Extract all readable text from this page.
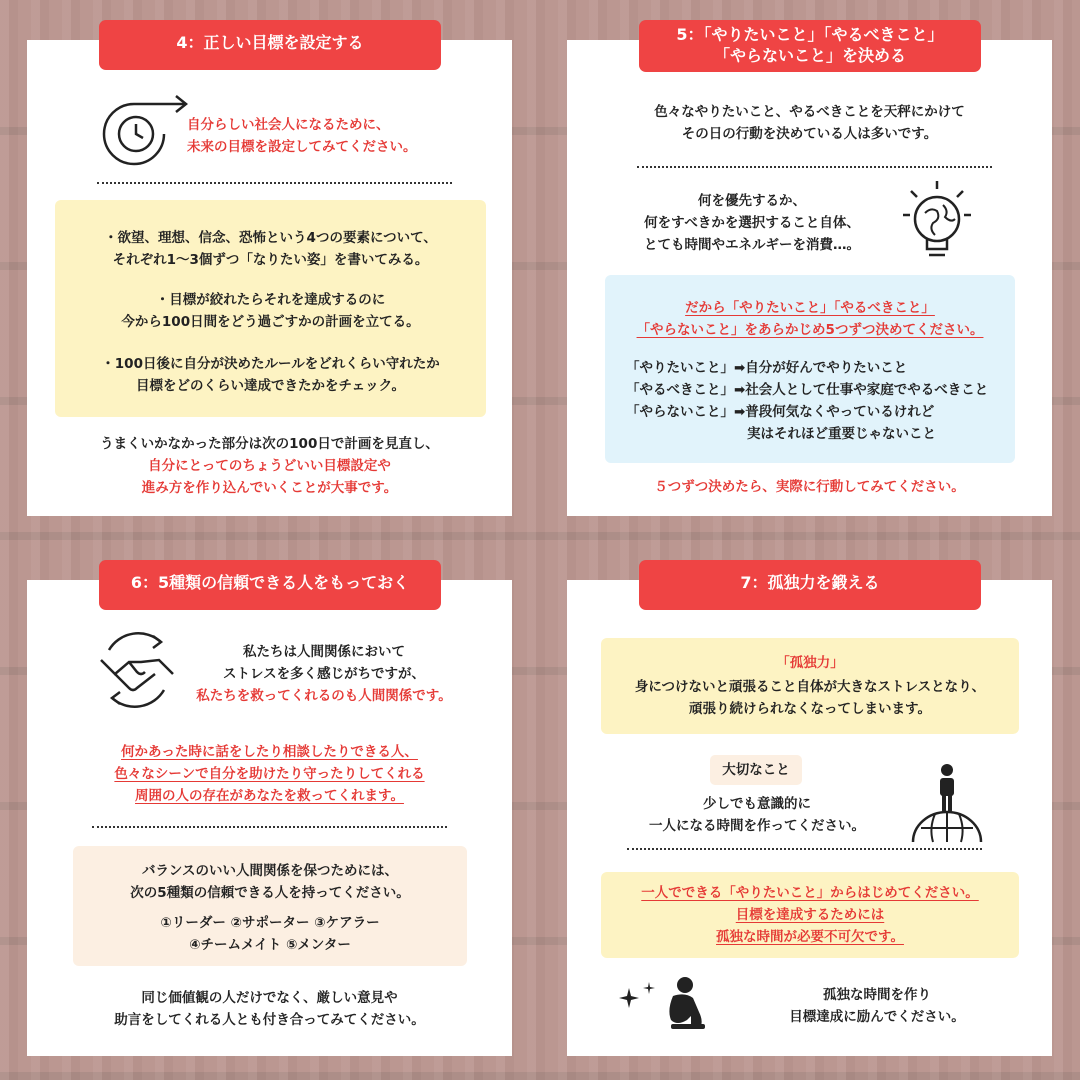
4：正しい目標を設定する
自分らしい社会人になるために、
未来の目標を設定してみてください。
・欲望、理想、信念、恐怖という4つの要素について、
それぞれ1〜3個ずつ「なりたい姿」を書いてみる。
・目標が絞れたらそれを達成するのに
今から100日間をどう過ごすかの計画を立てる。
・100日後に自分が決めたルールをどれくらい守れたか
目標をどのくらい達成できたかをチェック。
うまくいかなかった部分は次の100日で計画を見直し、
自分にとってのちょうどいい目標設定や
進み方を作り込んでいくことが大事です。
5：「やりたいこと」「やるべきこと」
「やらないこと」を決める
色々なやりたいこと、やるべきことを天秤にかけて
その日の行動を決めている人は多いです。
何を優先するか、
何をすべきかを選択すること自体、
とても時間やエネルギーを消費…。
だから「やりたいこと」「やるべきこと」
「やらないこと」をあらかじめ5つずつ決めてください。
「やりたいこと」➡自分が好んでやりたいこと
「やるべきこと」➡社会人として仕事や家庭でやるべきこと
「やらないこと」➡普段何気なくやっているけれど
実はそれほど重要じゃないこと
５つずつ決めたら、実際に行動してみてください。
6：5種類の信頼できる人をもっておく
私たちは人間関係において
ストレスを多く感じがちですが、
私たちを救ってくれるのも人間関係です。
何かあった時に話をしたり相談したりできる人、
色々なシーンで自分を助けたり守ったりしてくれる
周囲の人の存在があなたを救ってくれます。
バランスのいい人間関係を保つためには、
次の5種類の信頼できる人を持ってください。
①リーダー ②サポーター ③ケアラー
④チームメイト ⑤メンター
同じ価値観の人だけでなく、厳しい意見や
助言をしてくれる人とも付き合ってみてください。
7：孤独力を鍛える
「孤独力」
身につけないと頑張ること自体が大きなストレスとなり、
頑張り続けられなくなってしまいます。
大切なこと
少しでも意識的に
一人になる時間を作ってください。
一人でできる「やりたいこと」からはじめてください。
目標を達成するためには
孤独な時間が必要不可欠です。
孤独な時間を作り
目標達成に励んでください。
